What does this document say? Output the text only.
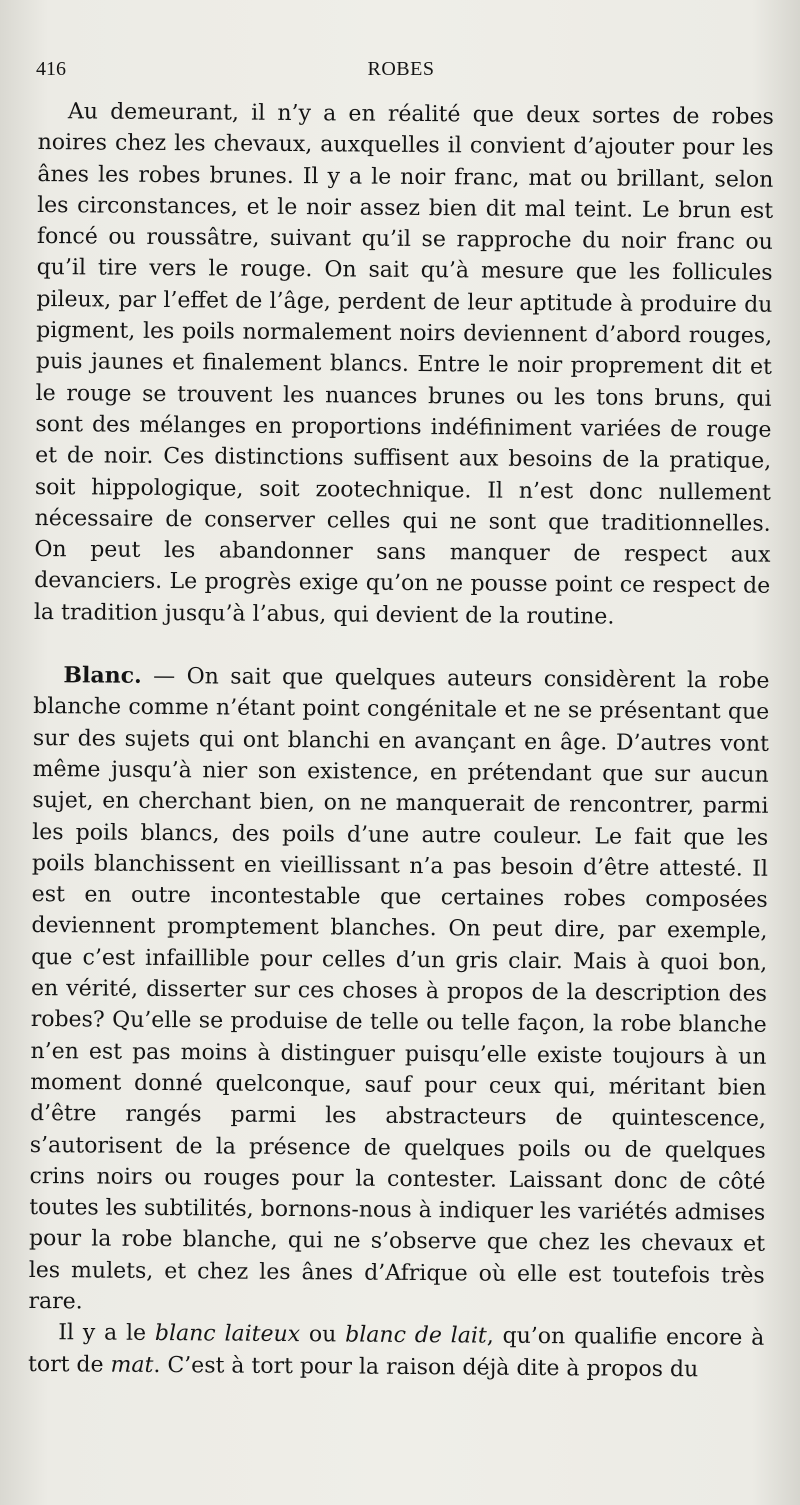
416	ROBES

Au demeurant, il n’y a en réalité que deux sortes de robes noires chez les chevaux, auxquelles il convient d’ajouter pour les ânes les robes brunes. Il y a le noir franc, mat ou brillant, selon les circonstances, et le noir assez bien dit mal teint. Le brun est foncé ou roussâtre, suivant qu’il se rapproche du noir franc ou qu’il tire vers le rouge. On sait qu’à mesure que les follicules pileux, par l’effet de l’âge, perdent de leur aptitude à produire du pigment, les poils normalement noirs deviennent d’abord rouges, puis jaunes et finalement blancs. Entre le noir proprement dit et le rouge se trouvent les nuances brunes ou les tons bruns, qui sont des mélanges en proportions indéfiniment variées de rouge et de noir. Ces distinctions suffisent aux besoins de la pratique, soit hippologique, soit zootechnique. Il n’est donc nullement nécessaire de conserver celles qui ne sont que traditionnelles. On peut les abandonner sans manquer de respect aux devanciers. Le progrès exige qu’on ne pousse point ce respect de la tradition jusqu’à l’abus, qui devient de la routine.

Blanc. — On sait que quelques auteurs considèrent la robe blanche comme n’étant point congénitale et ne se présentant que sur des sujets qui ont blanchi en avançant en âge. D’autres vont même jusqu’à nier son existence, en prétendant que sur aucun sujet, en cherchant bien, on ne manquerait de rencontrer, parmi les poils blancs, des poils d’une autre couleur. Le fait que les poils blanchissent en vieillissant n’a pas besoin d’être attesté. Il est en outre incontestable que certaines robes composées deviennent promptement blanches. On peut dire, par exemple, que c’est infaillible pour celles d’un gris clair. Mais à quoi bon, en vérité, disserter sur ces choses à propos de la description des robes? Qu’elle se produise de telle ou telle façon, la robe blanche n’en est pas moins à distinguer puisqu’elle existe toujours à un moment donné quelconque, sauf pour ceux qui, méritant bien d’être rangés parmi les abstracteurs de quintescence, s’autorisent de la présence de quelques poils ou de quelques crins noirs ou rouges pour la contester. Laissant donc de côté toutes les subtilités, bornons-nous à indiquer les variétés admises pour la robe blanche, qui ne s’observe que chez les chevaux et les mulets, et chez les ânes d’Afrique où elle est toutefois très rare.

Il y a le blanc laiteux ou blanc de lait, qu’on qualifie encore à tort de mat. C’est à tort pour la raison déjà dite à propos du
